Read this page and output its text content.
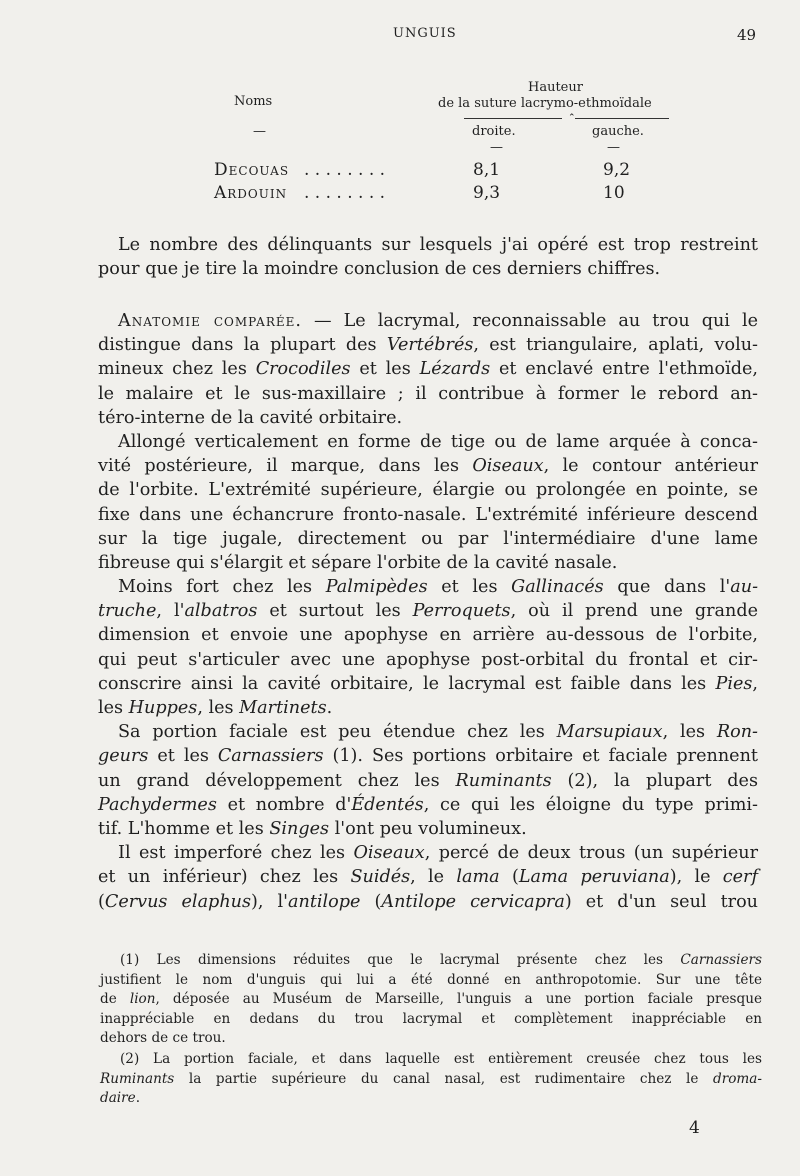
UNGUIS	49
Noms
Hauteur
de la suture lacrymo-ethmoïdale
⌃
—	droite.	gauche.
—	—
Decouas . . . . . . . .	8,1	9,2
Ardouin . . . . . . . .	9,3	10
Le nombre des délinquants sur lesquels j'ai opéré est trop restreint
pour que je tire la moindre conclusion de ces derniers chiffres.
Anatomie comparée. — Le lacrymal, reconnaissable au trou qui le
distingue dans la plupart des Vertébrés, est triangulaire, aplati, volu-
mineux chez les Crocodiles et les Lézards et enclavé entre l'ethmoïde,
le malaire et le sus-maxillaire ; il contribue à former le rebord an-
téro-interne de la cavité orbitaire.
Allongé verticalement en forme de tige ou de lame arquée à conca-
vité postérieure, il marque, dans les Oiseaux, le contour antérieur
de l'orbite. L'extrémité supérieure, élargie ou prolongée en pointe, se
fixe dans une échancrure fronto-nasale. L'extrémité inférieure descend
sur la tige jugale, directement ou par l'intermédiaire d'une lame
fibreuse qui s'élargit et sépare l'orbite de la cavité nasale.
Moins fort chez les Palmipèdes et les Gallinacés que dans l'au-
truche, l'albatros et surtout les Perroquets, où il prend une grande
dimension et envoie une apophyse en arrière au-dessous de l'orbite,
qui peut s'articuler avec une apophyse post-orbital du frontal et cir-
conscrire ainsi la cavité orbitaire, le lacrymal est faible dans les Pies,
les Huppes, les Martinets.
Sa portion faciale est peu étendue chez les Marsupiaux, les Ron-
geurs et les Carnassiers (1). Ses portions orbitaire et faciale prennent
un grand développement chez les Ruminants (2), la plupart des
Pachydermes et nombre d'Édentés, ce qui les éloigne du type primi-
tif. L'homme et les Singes l'ont peu volumineux.
Il est imperforé chez les Oiseaux, percé de deux trous (un supérieur
et un inférieur) chez les Suidés, le lama (Lama peruviana), le cerf
(Cervus elaphus), l'antilope (Antilope cervicapra) et d'un seul trou
(1) Les dimensions réduites que le lacrymal présente chez les Carnassiers
justifient le nom d'unguis qui lui a été donné en anthropotomie. Sur une tête
de lion, déposée au Muséum de Marseille, l'unguis a une portion faciale presque
inappréciable en dedans du trou lacrymal et complètement inappréciable en
dehors de ce trou.
(2) La portion faciale, et dans laquelle est entièrement creusée chez tous les
Ruminants la partie supérieure du canal nasal, est rudimentaire chez le droma-
daire.
4
